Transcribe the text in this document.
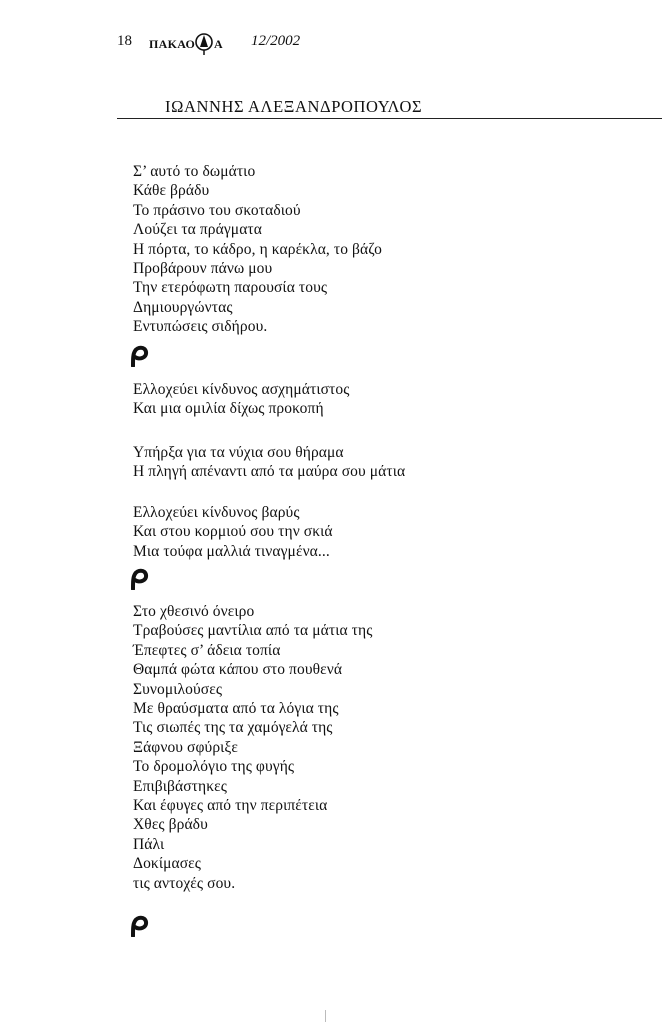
18 ΠΑΚΑΟ Α 12/2002
ΙΩΑΝΝΗΣ ΑΛΕΞΑΝΔΡΟΠΟΥΛΟΣ
Σ’ αυτό το δωμάτιο
Κάθε βράδυ
Το πράσινο του σκοταδιού
Λούζει τα πράγματα
Η πόρτα, το κάδρο, η καρέκλα, το βάζο
Προβάρουν πάνω μου
Την ετερόφωτη παρουσία τους
Δημιουργώντας
Εντυπώσεις σιδήρου.
Ελλοχεύει κίνδυνος ασχημάτιστος
Και μια ομιλία δίχως προκοπή
Υπήρξα για τα νύχια σου θήραμα
Η πληγή απέναντι από τα μαύρα σου μάτια
Ελλοχεύει κίνδυνος βαρύς
Και στου κορμιού σου την σκιά
Μια τούφα μαλλιά τιναγμένα...
Στο χθεσινό όνειρο
Τραβούσες μαντίλια από τα μάτια της
Έπεφτες σ’ άδεια τοπία
Θαμπά φώτα κάπου στο πουθενά
Συνομιλούσες
Με θραύσματα από τα λόγια της
Τις σιωπές της τα χαμόγελά της
Ξάφνου σφύριξε
Το δρομολόγιο της φυγής
Επιβιβάστηκες
Και έφυγες από την περιπέτεια
Χθες βράδυ
Πάλι
Δοκίμασες
τις αντοχές σου.
